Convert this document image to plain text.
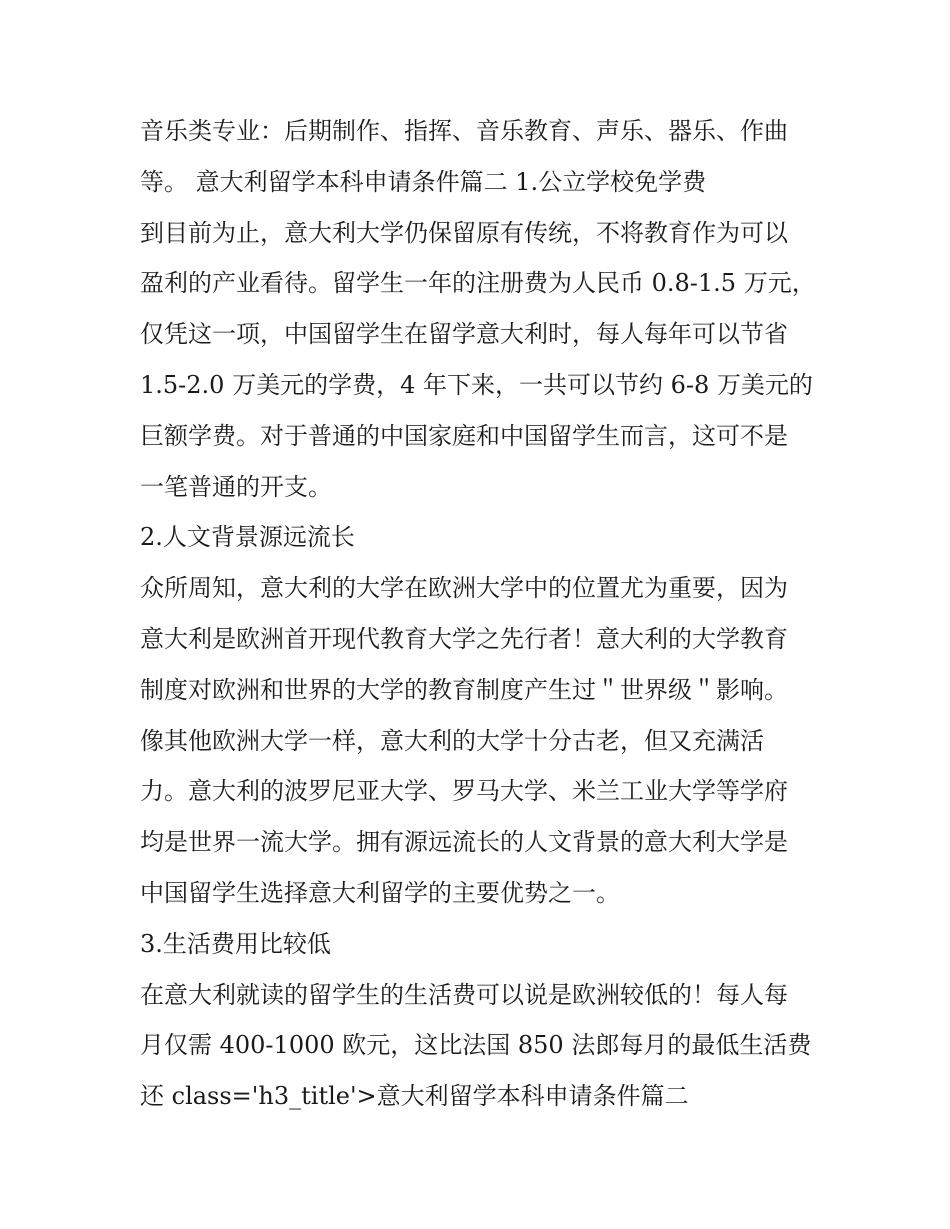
音乐类专业：后期制作、指挥、音乐教育、声乐、器乐、作曲
等。 意大利留学本科申请条件篇二 1.公立学校免学费
到目前为止，意大利大学仍保留原有传统，不将教育作为可以
盈利的产业看待。留学生一年的注册费为人民币 0.8-1.5 万元，
仅凭这一项，中国留学生在留学意大利时，每人每年可以节省
1.5-2.0 万美元的学费，4 年下来，一共可以节约 6-8 万美元的
巨额学费。对于普通的中国家庭和中国留学生而言，这可不是
一笔普通的开支。
2.人文背景源远流长
众所周知，意大利的大学在欧洲大学中的位置尤为重要，因为
意大利是欧洲首开现代教育大学之先行者！意大利的大学教育
制度对欧洲和世界的大学的教育制度产生过＂世界级＂影响。
像其他欧洲大学一样，意大利的大学十分古老，但又充满活
力。意大利的波罗尼亚大学、罗马大学、米兰工业大学等学府
均是世界一流大学。拥有源远流长的人文背景的意大利大学是
中国留学生选择意大利留学的主要优势之一。
3.生活费用比较低
在意大利就读的留学生的生活费可以说是欧洲较低的！每人每
月仅需 400-1000 欧元，这比法国 850 法郎每月的最低生活费
还 class='h3_title'>意大利留学本科申请条件篇二
